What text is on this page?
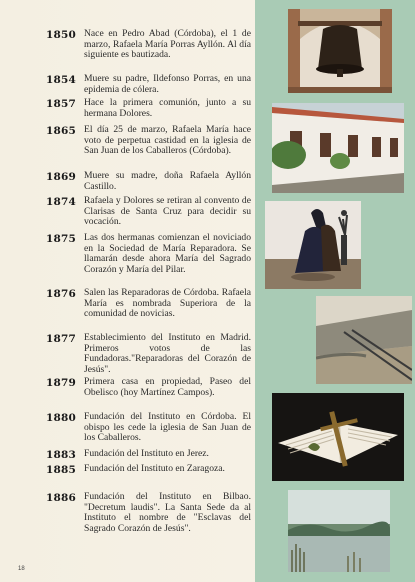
1850 Nace en Pedro Abad (Córdoba), el 1 de marzo, Rafaela María Porras Ayllón. Al día siguiente es bautizada.
1854 Muere su padre, Ildefonso Porras, en una epidemia de cólera.
1857 Hace la primera comunión, junto a su hermana Dolores.
1865 El día 25 de marzo, Rafaela María hace voto de perpetua castidad en la iglesia de San Juan de los Caballeros (Córdoba).
1869 Muere su madre, doña Rafaela Ayllón Castillo.
1874 Rafaela y Dolores se retiran al convento de Clarisas de Santa Cruz para decidir su vocación.
1875 Las dos hermanas comienzan el noviciado en la Sociedad de María Reparadora. Se llamarán desde ahora María del Sagrado Corazón y María del Pilar.
1876 Salen las Reparadoras de Córdoba. Rafaela María es nombrada Superiora de la comunidad de novicias.
1877 Establecimiento del Instituto en Madrid. Primeros votos de las Fundadoras."Reparadoras del Corazón de Jesús".
1879 Primera casa en propiedad, Paseo del Obelisco (hoy Martínez Campos).
1880 Fundación del Instituto en Córdoba. El obispo les cede la iglesia de San Juan de los Caballeros.
1883 Fundación del Instituto en Jerez.
1885 Fundación del Instituto en Zaragoza.
1886 Fundación del Instituto en Bilbao. "Decretum laudis". La Santa Sede da al Instituto el nombre de "Esclavas del Sagrado Corazón de Jesús".
18
